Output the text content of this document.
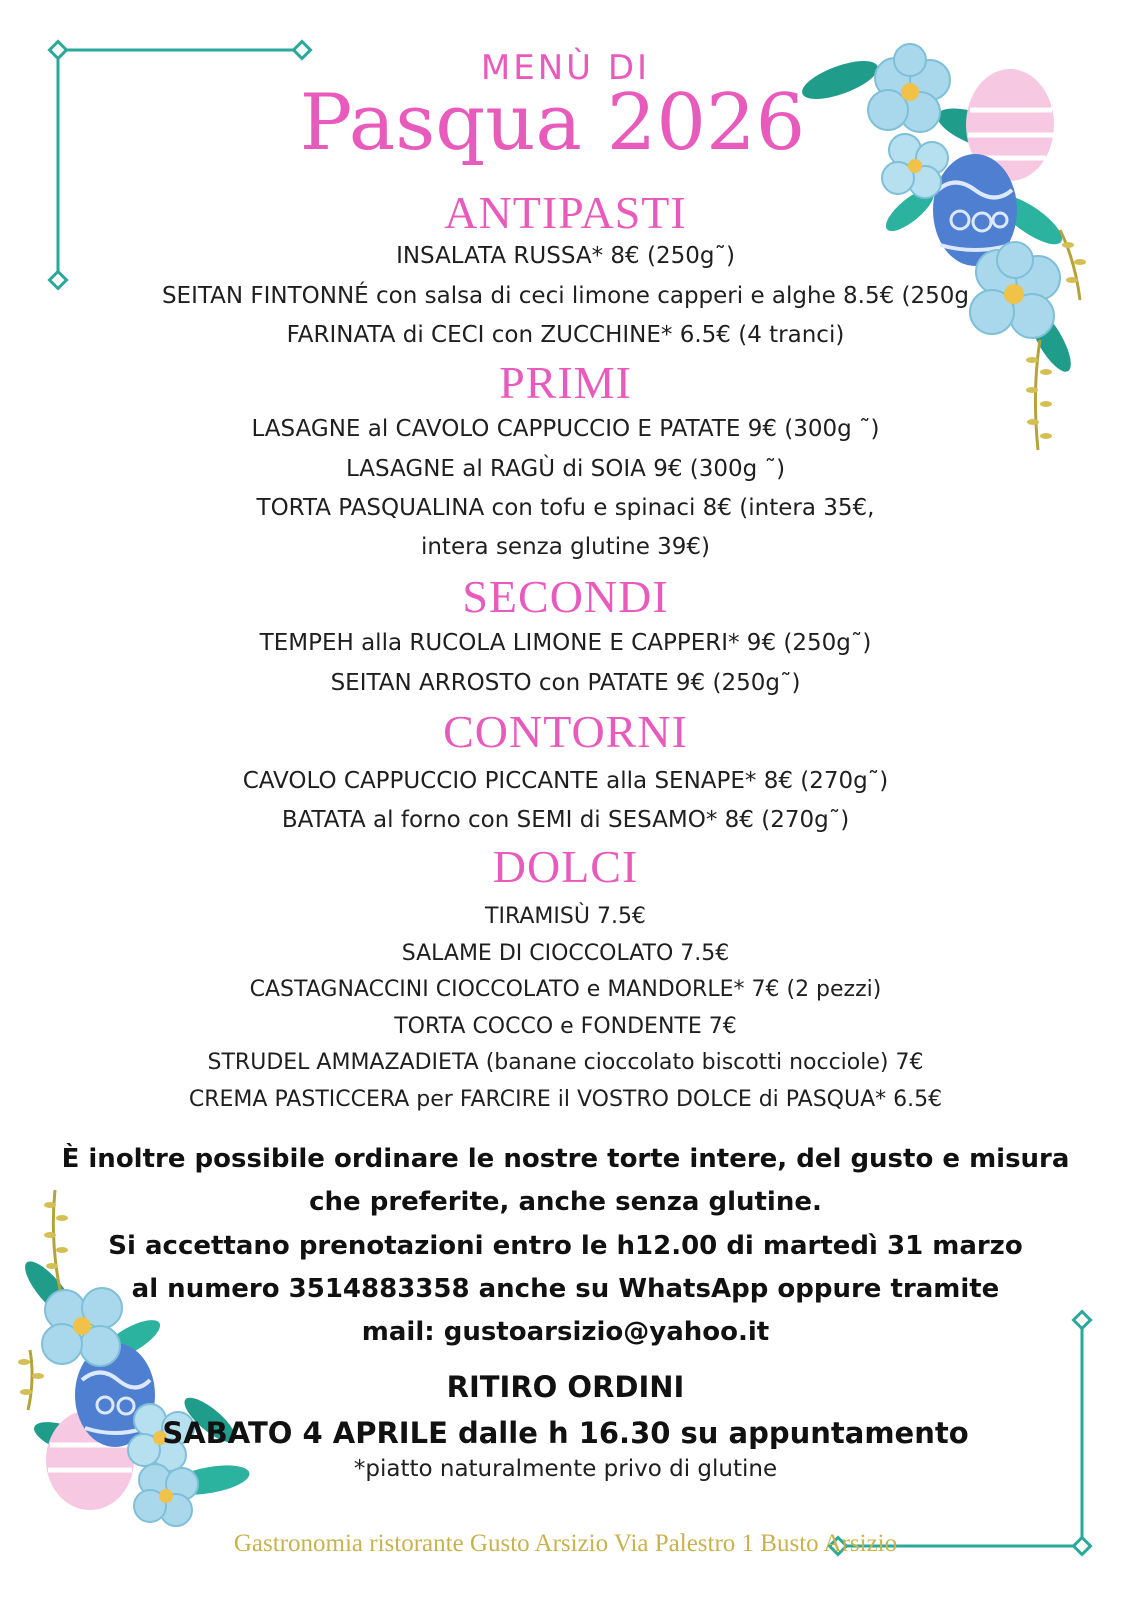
MENÙ DI
Pasqua 2026
ANTIPASTI
INSALATA RUSSA* 8€ (250g˜)
SEITAN FINTONNÉ con salsa di ceci limone capperi e alghe 8.5€ (250g
FARINATA di CECI con ZUCCHINE* 6.5€ (4 tranci)
PRIMI
LASAGNE al CAVOLO CAPPUCCIO E PATATE 9€ (300g ˜)
LASAGNE al RAGÙ di SOIA 9€ (300g ˜)
TORTA PASQUALINA con tofu e spinaci 8€ (intera 35€,
intera senza glutine 39€)
SECONDI
TEMPEH alla RUCOLA LIMONE E CAPPERI* 9€ (250g˜)
SEITAN ARROSTO con PATATE 9€ (250g˜)
CONTORNI
CAVOLO CAPPUCCIO PICCANTE alla SENAPE* 8€ (270g˜)
BATATA al forno con SEMI di SESAMO* 8€ (270g˜)
DOLCI
TIRAMISÙ 7.5€
SALAME DI CIOCCOLATO 7.5€
CASTAGNACCINI CIOCCOLATO e MANDORLE* 7€ (2 pezzi)
TORTA COCCO e FONDENTE 7€
STRUDEL AMMAZADIETA (banane cioccolato biscotti nocciole) 7€
CREMA PASTICCERA per FARCIRE il VOSTRO DOLCE di PASQUA* 6.5€
È inoltre possibile ordinare le nostre torte intere, del gusto e misura
che preferite, anche senza glutine.
Si accettano prenotazioni entro le h12.00 di martedì 31 marzo
al numero 3514883358 anche su WhatsApp oppure tramite
mail: gustoarsizio@yahoo.it
RITIRO ORDINI
SABATO 4 APRILE dalle h 16.30 su appuntamento
*piatto naturalmente privo di glutine
Gastronomia ristorante Gusto Arsizio Via Palestro 1 Busto Arsizio
